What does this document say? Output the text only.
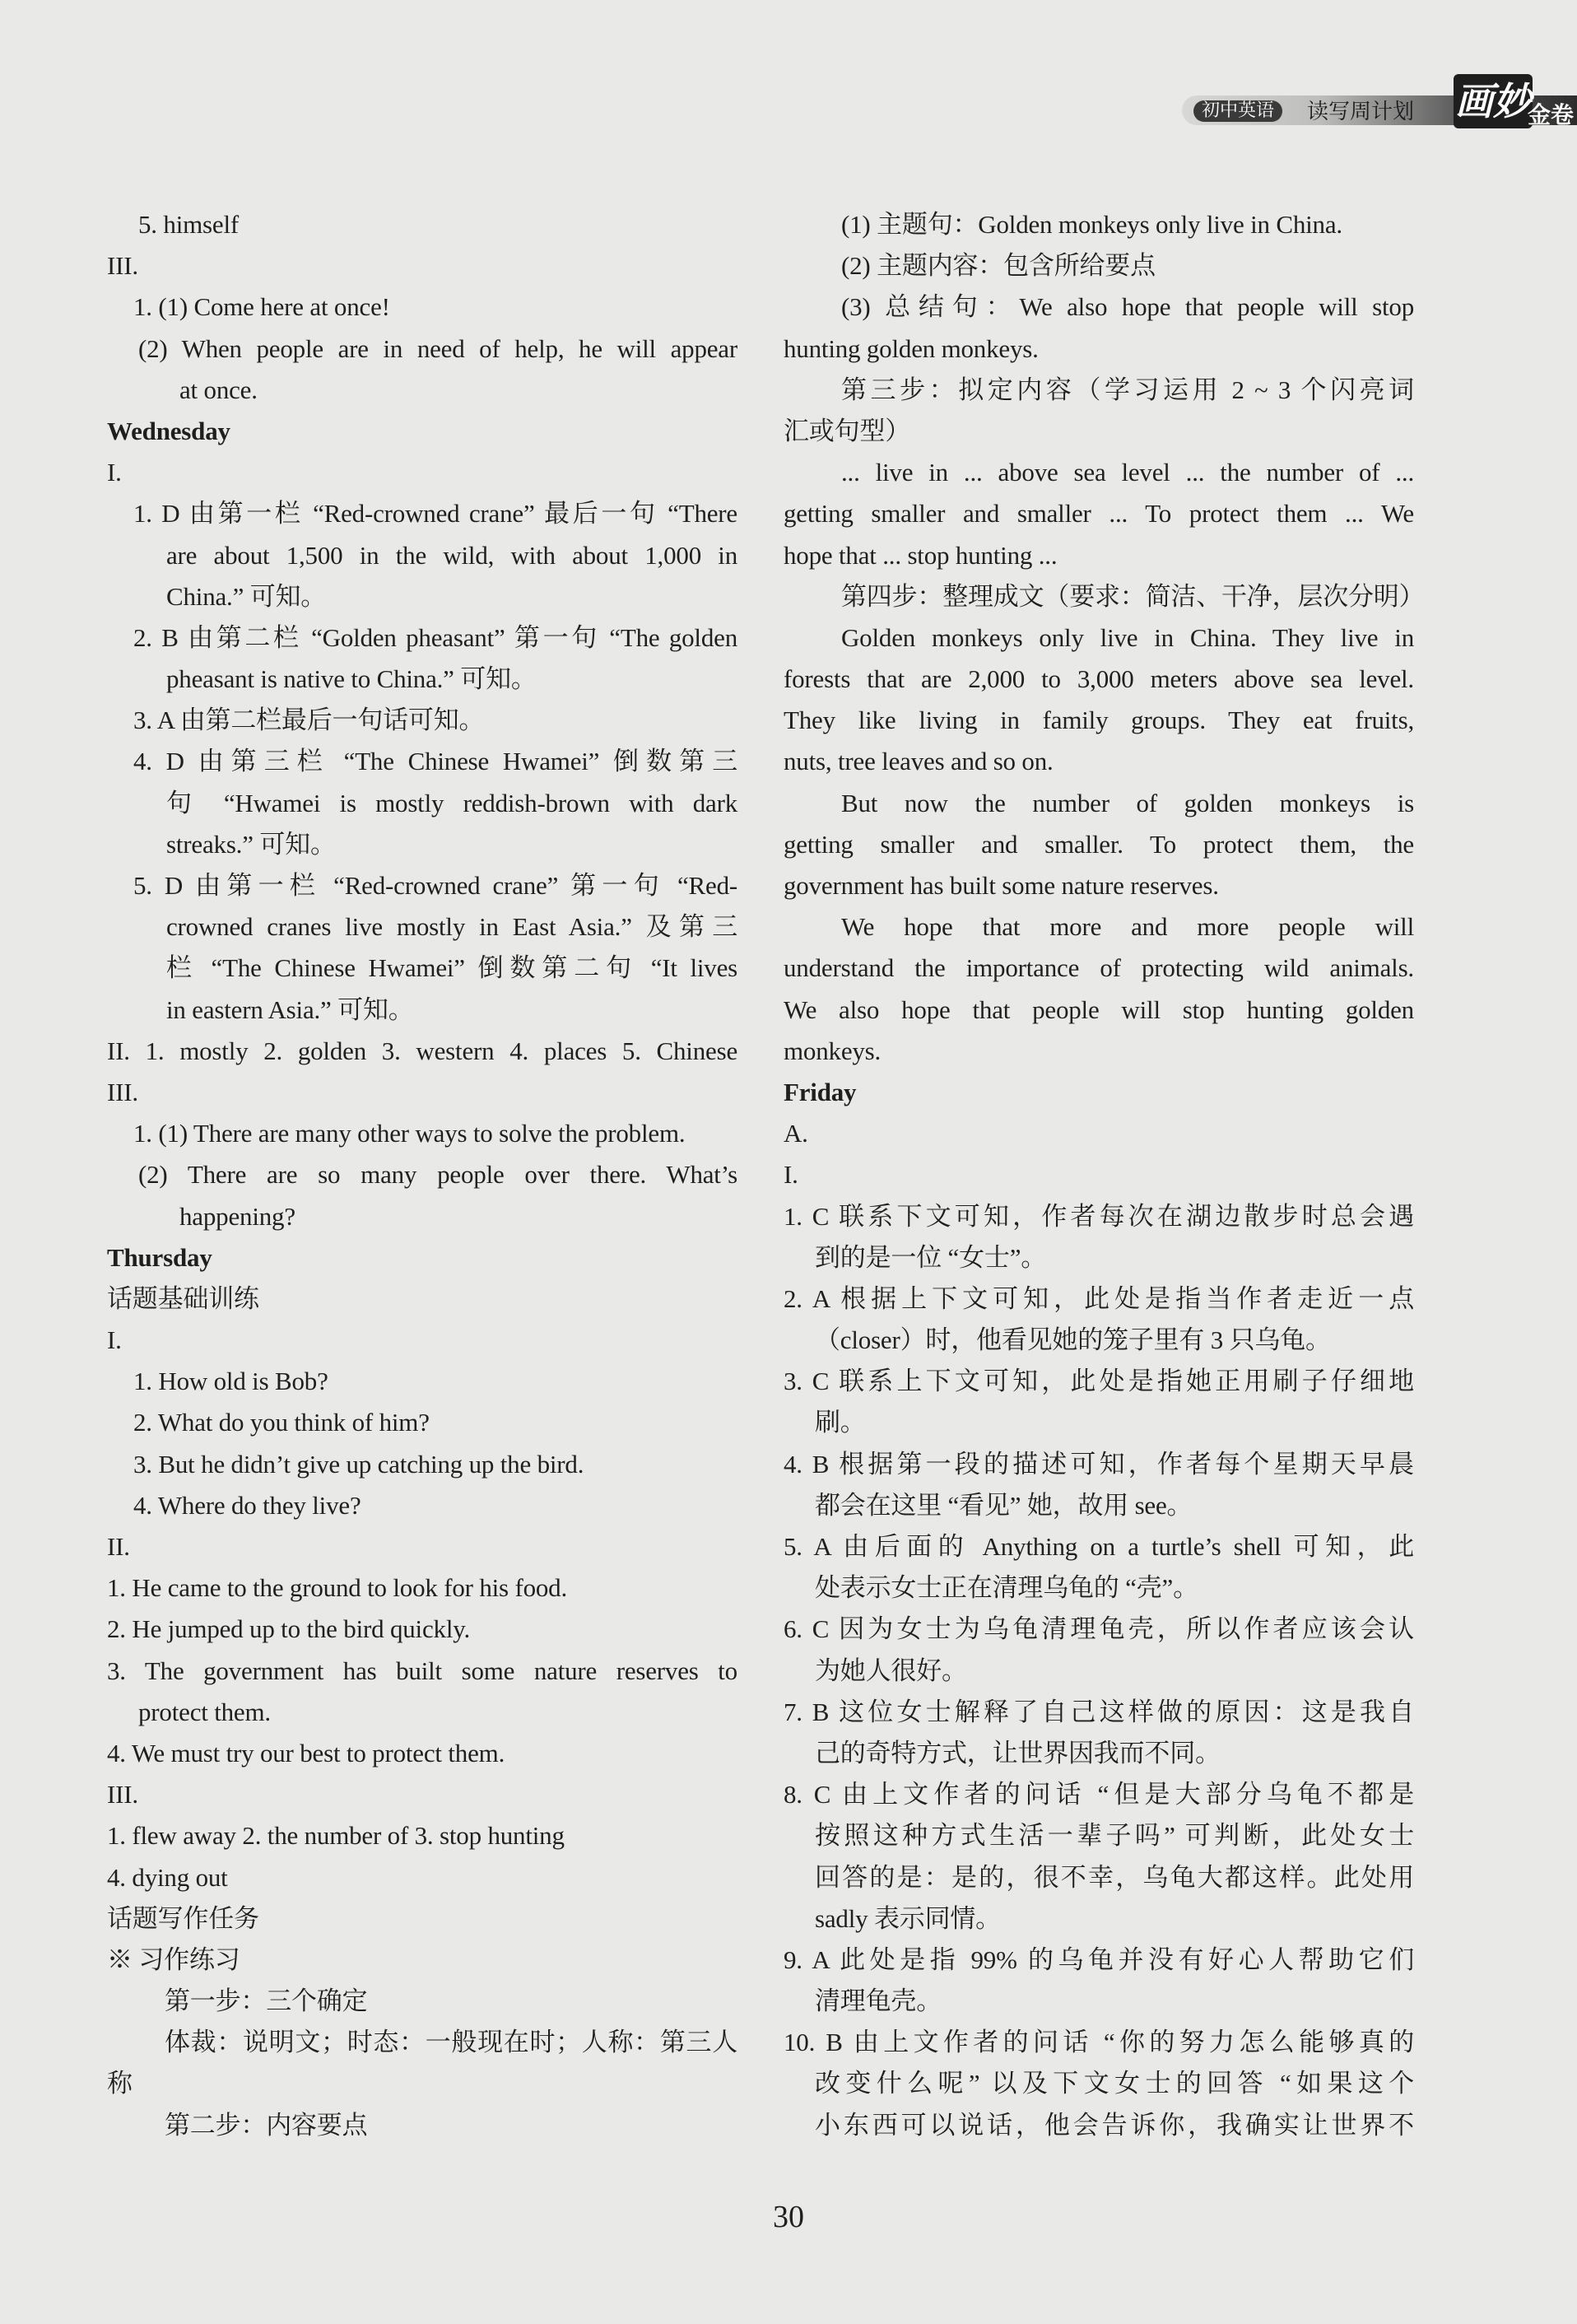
初中英语	读写周计划 画妙
金卷
5. himself
III.
1. (1) Come here at once!
(2) When people are in need of help, he will appear
at once.
Wednesday
I.
1. D 由第一栏 “Red-crowned crane” 最后一句 “There
are about 1,500 in the wild, with about 1,000 in
China.” 可知。
2. B 由第二栏 “Golden pheasant” 第一句 “The golden
pheasant is native to China.” 可知。
3. A 由第二栏最后一句话可知。
4. D 由第三栏 “The Chinese Hwamei” 倒数第三
句 “Hwamei is mostly reddish-brown with dark
streaks.” 可知。
5. D 由第一栏 “Red-crowned crane” 第一句 “Red-
crowned cranes live mostly in East Asia.” 及第三
栏 “The Chinese Hwamei” 倒数第二句 “It lives
in eastern Asia.” 可知。
II. 1. mostly 2. golden 3. western 4. places 5. Chinese
III.
1. (1) There are many other ways to solve the problem.
(2) There are so many people over there. What’s
happening?
Thursday
话题基础训练
I.
1. How old is Bob?
2. What do you think of him?
3. But he didn’t give up catching up the bird.
4. Where do they live?
II.
1. He came to the ground to look for his food.
2. He jumped up to the bird quickly.
3. The government has built some nature reserves to
protect them.
4. We must try our best to protect them.
III.
1. flew away 2. the number of 3. stop hunting
4. dying out
话题写作任务
※ 习作练习
第一步：三个确定
体裁：说明文；时态：一般现在时；人称：第三人
称
第二步：内容要点
(1) 主题句：Golden monkeys only live in China.
(2) 主题内容：包含所给要点
(3) 总结句：We also hope that people will stop
hunting golden monkeys.
第三步：拟定内容（学习运用 2 ~ 3 个闪亮词
汇或句型）
... live in ... above sea level ... the number of ...
getting smaller and smaller ... To protect them ... We
hope that ... stop hunting ...
第四步：整理成文（要求：简洁、干净，层次分明）
Golden monkeys only live in China. They live in
forests that are 2,000 to 3,000 meters above sea level.
They like living in family groups. They eat fruits,
nuts, tree leaves and so on.
But now the number of golden monkeys is
getting smaller and smaller. To protect them, the
government has built some nature reserves.
We hope that more and more people will
understand the importance of protecting wild animals.
We also hope that people will stop hunting golden
monkeys.
Friday
A.
I.
1. C 联系下文可知，作者每次在湖边散步时总会遇
到的是一位 “女士”。
2. A 根据上下文可知，此处是指当作者走近一点
（closer）时，他看见她的笼子里有 3 只乌龟。
3. C 联系上下文可知，此处是指她正用刷子仔细地
刷。
4. B 根据第一段的描述可知，作者每个星期天早晨
都会在这里 “看见” 她，故用 see。
5. A 由后面的 Anything on a turtle’s shell 可知，此
处表示女士正在清理乌龟的 “壳”。
6. C 因为女士为乌龟清理龟壳，所以作者应该会认
为她人很好。
7. B 这位女士解释了自己这样做的原因：这是我自
己的奇特方式，让世界因我而不同。
8. C 由上文作者的问话 “但是大部分乌龟不都是
按照这种方式生活一辈子吗” 可判断，此处女士
回答的是：是的，很不幸，乌龟大都这样。此处用
sadly 表示同情。
9. A 此处是指 99% 的乌龟并没有好心人帮助它们
清理龟壳。
10. B 由上文作者的问话 “你的努力怎么能够真的
改变什么呢” 以及下文女士的回答 “如果这个
小东西可以说话，他会告诉你，我确实让世界不
30
